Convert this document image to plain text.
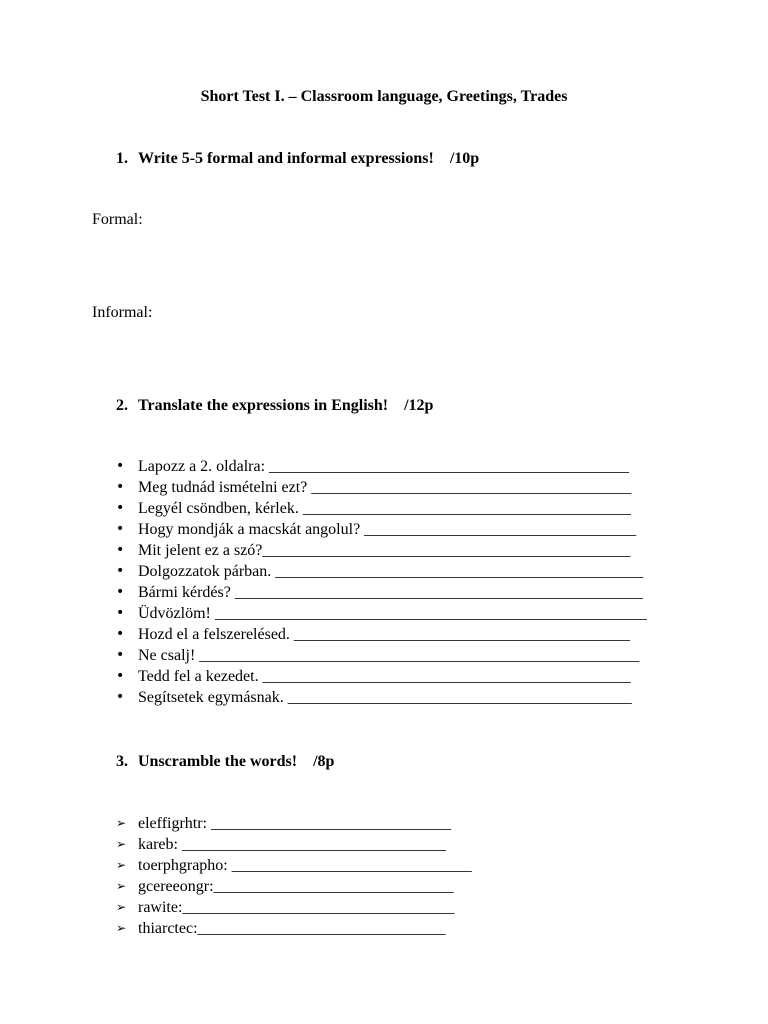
Short Test I. – Classroom language, Greetings, Trades
1. Write 5-5 formal and informal expressions! /10p
Formal:
Informal:
2. Translate the expressions in English! /12p
•
Lapozz a 2. oldalra: _____________________________________________
•
Meg tudnád ismételni ezt? ________________________________________
•
Legyél csöndben, kérlek. _________________________________________
•
Hogy mondják a macskát angolul? __________________________________
•
Mit jelent ez a szó?______________________________________________
•
Dolgozzatok párban. ______________________________________________
•
Bármi kérdés? ___________________________________________________
•
Üdvözlöm! ______________________________________________________
•
Hozd el a felszerelésed. __________________________________________
•
Ne csalj! _______________________________________________________
•
Tedd fel a kezedet. ______________________________________________
•
Segítsetek egymásnak. ___________________________________________
3. Unscramble the words! /8p
➢
eleffigrhtr: ______________________________
➢
kareb: _________________________________
➢
toerphgrapho: ______________________________
➢
gcereeongr:______________________________
➢
rawite:__________________________________
➢
thiarctec:_______________________________
